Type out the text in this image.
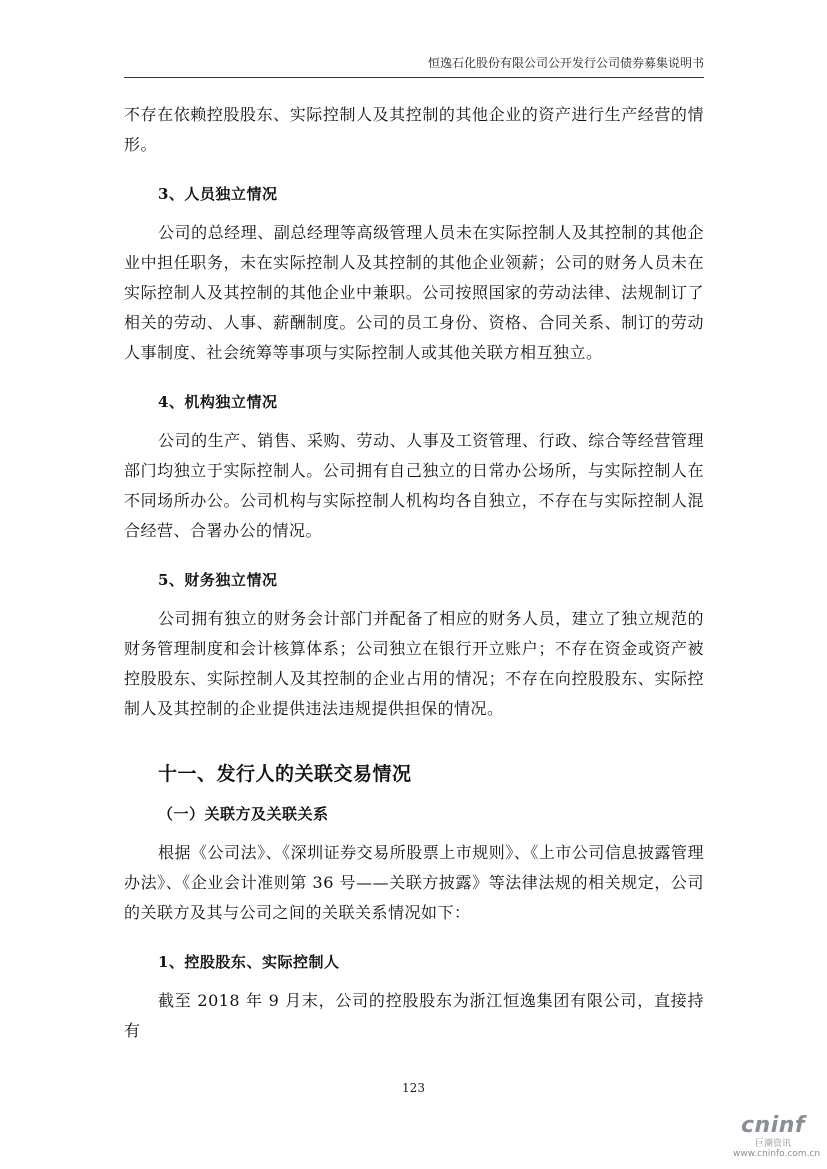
恒逸石化股份有限公司公开发行公司债券募集说明书

不存在依赖控股股东、实际控制人及其控制的其他企业的资产进行生产经营的情形。

3、人员独立情况

公司的总经理、副总经理等高级管理人员未在实际控制人及其控制的其他企业中担任职务，未在实际控制人及其控制的其他企业领薪；公司的财务人员未在实际控制人及其控制的其他企业中兼职。公司按照国家的劳动法律、法规制订了相关的劳动、人事、薪酬制度。公司的员工身份、资格、合同关系、制订的劳动人事制度、社会统筹等事项与实际控制人或其他关联方相互独立。

4、机构独立情况

公司的生产、销售、采购、劳动、人事及工资管理、行政、综合等经营管理部门均独立于实际控制人。公司拥有自己独立的日常办公场所，与实际控制人在不同场所办公。公司机构与实际控制人机构均各自独立，不存在与实际控制人混合经营、合署办公的情况。

5、财务独立情况

公司拥有独立的财务会计部门并配备了相应的财务人员，建立了独立规范的财务管理制度和会计核算体系；公司独立在银行开立账户；不存在资金或资产被控股股东、实际控制人及其控制的企业占用的情况；不存在向控股股东、实际控制人及其控制的企业提供违法违规提供担保的情况。

十一、发行人的关联交易情况

（一）关联方及关联关系

根据《公司法》、《深圳证券交易所股票上市规则》、《上市公司信息披露管理办法》、《企业会计准则第 36 号——关联方披露》等法律法规的相关规定，公司的关联方及其与公司之间的关联关系情况如下：

1、控股股东、实际控制人

截至 2018 年 9 月末，公司的控股股东为浙江恒逸集团有限公司，直接持有

123
cninf
巨潮资讯
www.cninfo.com.cn
